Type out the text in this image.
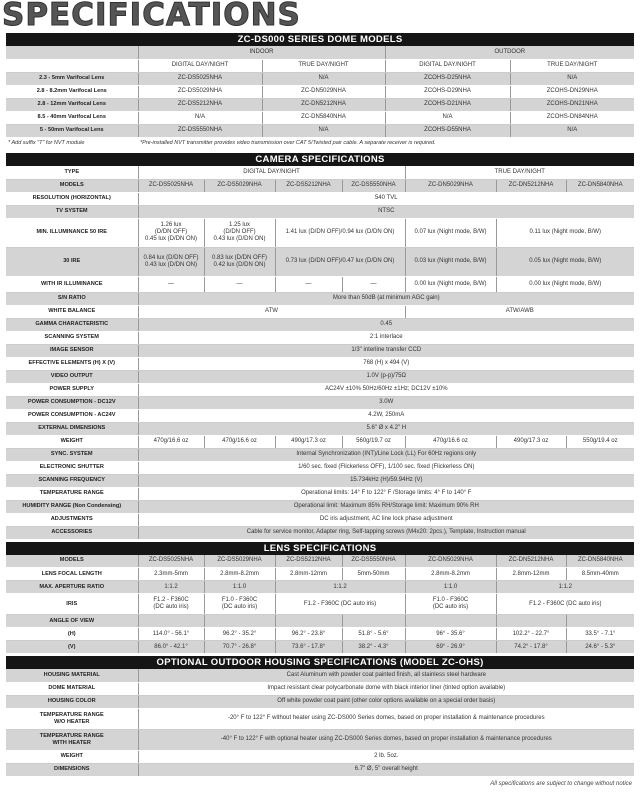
SPECIFICATIONS
ZC-DS000 SERIES DOME MODELS				
	INDOOR		OUTDOOR	
	DIGITAL DAY/NIGHT	TRUE DAY/NIGHT	DIGITAL DAY/NIGHT	TRUE DAY/NIGHT
2.3 - 5mm Varifocal Lens	ZC-DS5025NHA	N/A	ZCOHS-D25NHA	N/A
2.8 - 8.2mm Varifocal Lens	ZC-DS5029NHA	ZC-DN5029NHA	ZCOHS-D29NHA	ZCOHS-DN29NHA
2.8 - 12mm Varifocal Lens	ZC-DS5212NHA	ZC-DN5212NHA	ZCOHS-D21NHA	ZCOHS-DN21NHA
8.5 - 40mm Varifocal Lens	N/A	ZC-DN5840NHA	N/A	ZCOHS-DN84NHA
5 - 50mm Varifocal Lens	ZC-DS5550NHA	N/A	ZCOHS-D55NHA	N/A
* Add suffix "T" for NVT module	*Pre-installed NVT transmitter provides video transmission over CAT 5/Twisted pair cable. A separate receiver is required.			
CAMERA SPECIFICATIONS							
TYPE	DIGITAL DAY/NIGHT				TRUE DAY/NIGHT		
MODELS	ZC-DS5025NHA	ZC-DS5029NHA	ZC-DS5212NHA	ZC-DS5550NHA	ZC-DN5029NHA	ZC-DN5212NHA	ZC-DN5840NHA
RESOLUTION (HORIZONTAL)	540 TVL						
TV SYSTEM	NTSC						
MIN. ILLUMINANCE 50 IRE	1.26 lux
(D/DN OFF)
0.45 lux (D/DN ON)	1.25 lux
(D/DN OFF)
0.43 lux (D/DN ON)	1.41 lux (D/DN OFF)/0.94 lux (D/DN ON)		0.07 lux (Night mode, B/W)	0.11 lux (Night mode, B/W)	
30 IRE	0.84 lux (D/DN OFF)
0.43 lux (D/DN ON)	0.83 lux (D/DN OFF)
0.42 lux (D/DN ON)	0.73 lux (D/DN OFF)/0.47 lux (D/DN ON)		0.03 lux (Night mode, B/W)	0.05 lux (Night mode, B/W)	
WITH IR ILLUMINANCE	—	—	—	—	0.00 lux (Night mode, B/W)	0.00 lux (Night mode, B/W)	
S/N RATIO	More than 50dB (at minimum AGC gain)						
WHITE BALANCE	ATW				ATW/AWB		
GAMMA CHARACTERISTIC	0.45						
SCANNING SYSTEM	2:1 interlace						
IMAGE SENSOR	1/3" interline transfer CCD						
EFFECTIVE ELEMENTS (H) X (V)	768 (H) x 494 (V)						
VIDEO OUTPUT	1.0V (p-p)/75Ω						
POWER SUPPLY	AC24V ±10% 50Hz/60Hz ±1Hz; DC12V ±10%						
POWER CONSUMPTION - DC12V	3.0W						
POWER CONSUMPTION - AC24V	4.2W, 250mA						
EXTERNAL DIMENSIONS	5.6" Ø x 4.2" H						
WEIGHT	470g/16.6 oz	470g/16.6 oz	490g/17.3 oz	560g/19.7 oz	470g/16.6 oz	490g/17.3 oz	550g/19.4 oz
SYNC. SYSTEM	Internal Synchronization (INT)/Line Lock (LL) For 60Hz regions only						
ELECTRONIC SHUTTER	1/60 sec. fixed (Flickerless OFF), 1/100 sec. fixed (Flickerless ON)						
SCANNING FREQUENCY	15.734kHz (H)/59.94Hz (V)						
TEMPERATURE RANGE	Operational limits: 14° F to 122° F /Storage limits: 4° F to 140° F						
HUMIDITY RANGE (Non Condensing)	Operational limit: Maximum 85% RH/Storage limit: Maximum 90% RH						
ADJUSTMENTS	DC iris adjustment, AC line lock phase adjustment						
ACCESSORIES	Cable for service monitor, Adapter ring, Self-tapping screws (M4x20: 2pcs.), Template, Instruction manual						
LENS SPECIFICATIONS							
MODELS	ZC-DS5025NHA	ZC-DS5029NHA	ZC-DS5212NHA	ZC-DS5550NHA	ZC-DN5029NHA	ZC-DN5212NHA	ZC-DN5840NHA
LENS FOCAL LENGTH	2.3mm-5mm	2.8mm-8.2mm	2.8mm-12mm	5mm-50mm	2.8mm-8.2mm	2.8mm-12mm	8.5mm-40mm
MAX. APERTURE RATIO	1:1.2	1:1.0	1:1.2		1:1.0	1:1.2	
IRIS	F1.2 - F360C
(DC auto iris)	F1.0 - F360C
(DC auto iris)	F1.2 - F360C (DC auto iris)		F1.0 - F360C
(DC auto iris)	F1.2 - F360C (DC auto iris)	
ANGLE OF VIEW							
(H)	114.0° - 56.1°	96.2° - 35.2°	96.2° - 23.8°	51.8° - 5.6°	96° - 35.6°	102.2° - 22.7°	33.5° - 7.1°
(V)	86.0° - 42.1°	70.7° - 26.8°	73.6° - 17.8°	38.2° - 4.3°	69° - 26.9°	74.2° - 17.8°	24.6° - 5.3°
OPTIONAL OUTDOOR HOUSING SPECIFICATIONS (MODEL ZC-OHS)	
HOUSING MATERIAL	Cast Aluminum with powder coat painted finish, all stainless steel hardware
DOME MATERIAL	Impact resistant clear polycarbonate dome with black interior liner (tinted option available)
HOUSING COLOR	Off white powder coat paint (other color options available on a special order basis)
TEMPERATURE RANGE
W/O HEATER	-20° F to 122° F without heater using ZC-DS000 Series domes, based on proper installation & maintenance procedures
TEMPERATURE RANGE
WITH HEATER	-40° F to 122° F with optional heater using ZC-DS000 Series domes, based on proper installation & maintenance procedures
WEIGHT	2 lb. 5oz.
DIMENSIONS	6.7" Ø, 5" overall height
All specifications are subject to change without notice
